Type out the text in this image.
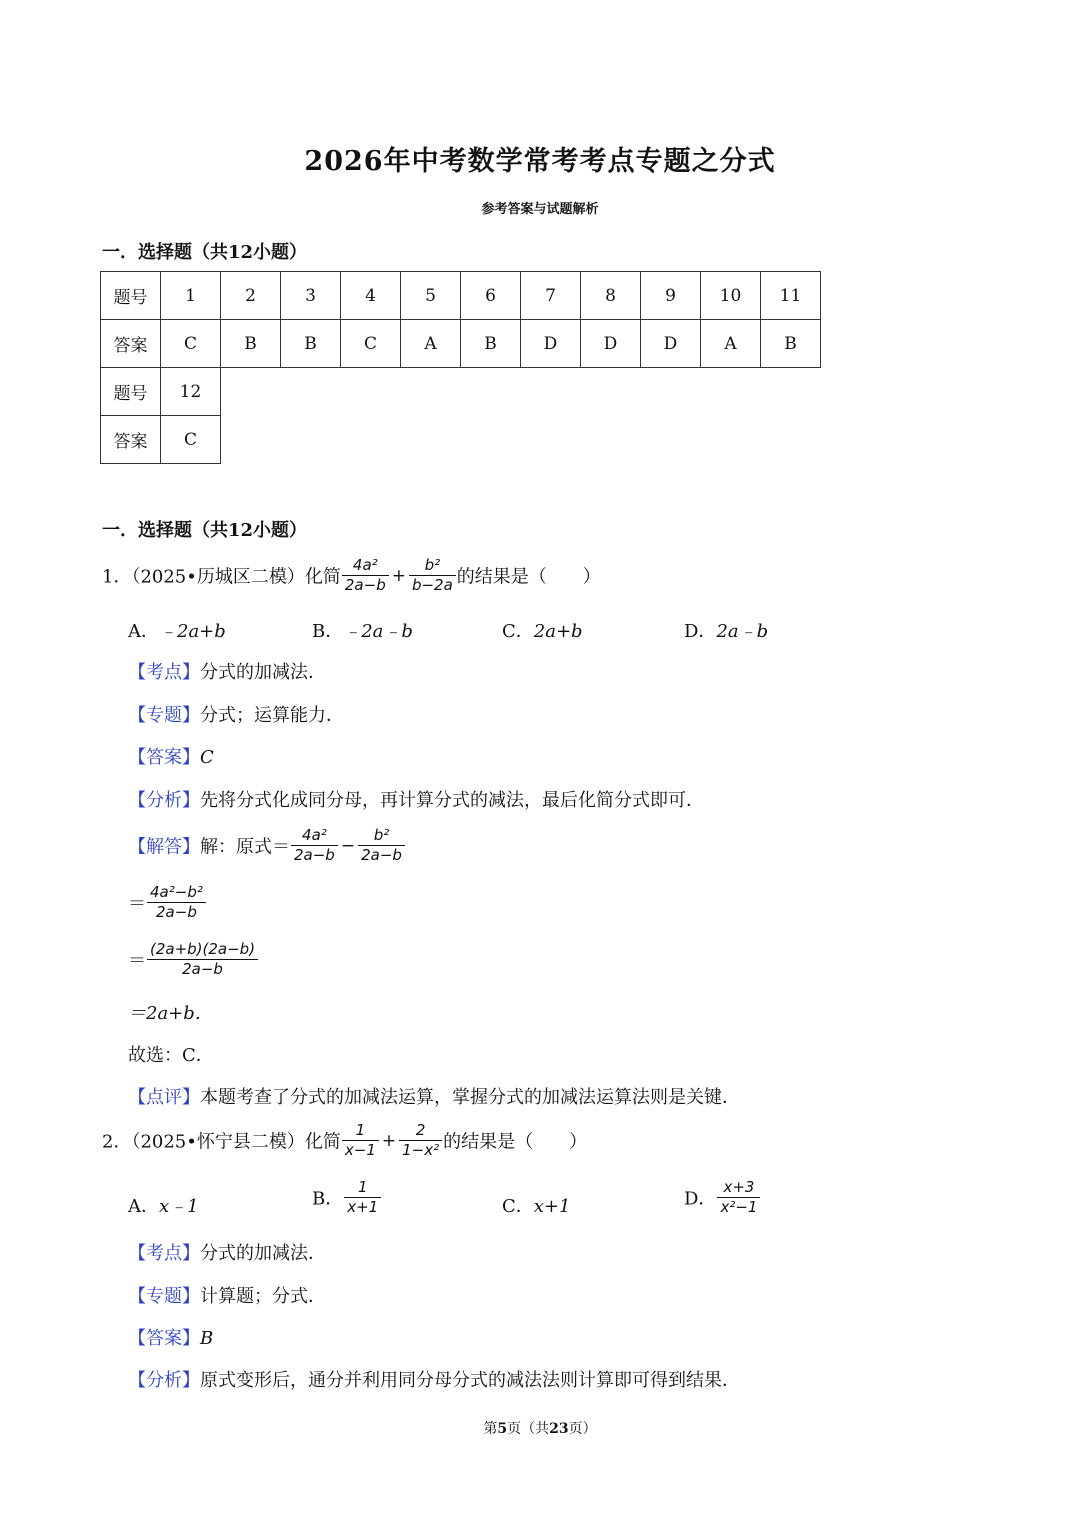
2026年中考数学常考考点专题之分式
参考答案与试题解析
一．选择题（共12小题）
题号	1	2	3	4	5	6	7	8	9	10	11
答案	C	B	B	C	A	B	D	D	D	A	B
题号	12										
答案	C										
一．选择题（共12小题）
1．（2025•历城区二模）化简 $\frac{\text{4a²}}{2a-b} + \frac{\text{b²}}{b-2a}$ 的结果是（　　）
A．﹣2a+b	B．﹣2a﹣b	C．2a+b	D．2a﹣b
【考点】分式的加减法．
【专题】分式；运算能力．
【答案】C
【分析】先将分式化成同分母，再计算分式的减法，最后化简分式即可．
【解答】解：原式＝ $\frac{\text{4a²}}{2a-b} - \frac{\text{b²}}{2a-b}$
＝ $\frac{\text{4a²−b²}}{2a-b}$
＝ $\frac{(2a+b)(2a-b)}{2a-b}$
＝2a+b．
故选：C．
【点评】本题考查了分式的加减法运算，掌握分式的加减法运算法则是关键．
2．（2025•怀宁县二模）化简 $\frac{1}{x-1} + \frac{2}{\text{1−x²}}$ 的结果是（　　）
A．x﹣1	B． $\frac{1}{x+1}$	C．x+1	D． $\frac{x+3}{\text{x²−1}}$
【考点】分式的加减法．
【专题】计算题；分式．
【答案】B
【分析】原式变形后，通分并利用同分母分式的减法法则计算即可得到结果．
第5页（共23页）
